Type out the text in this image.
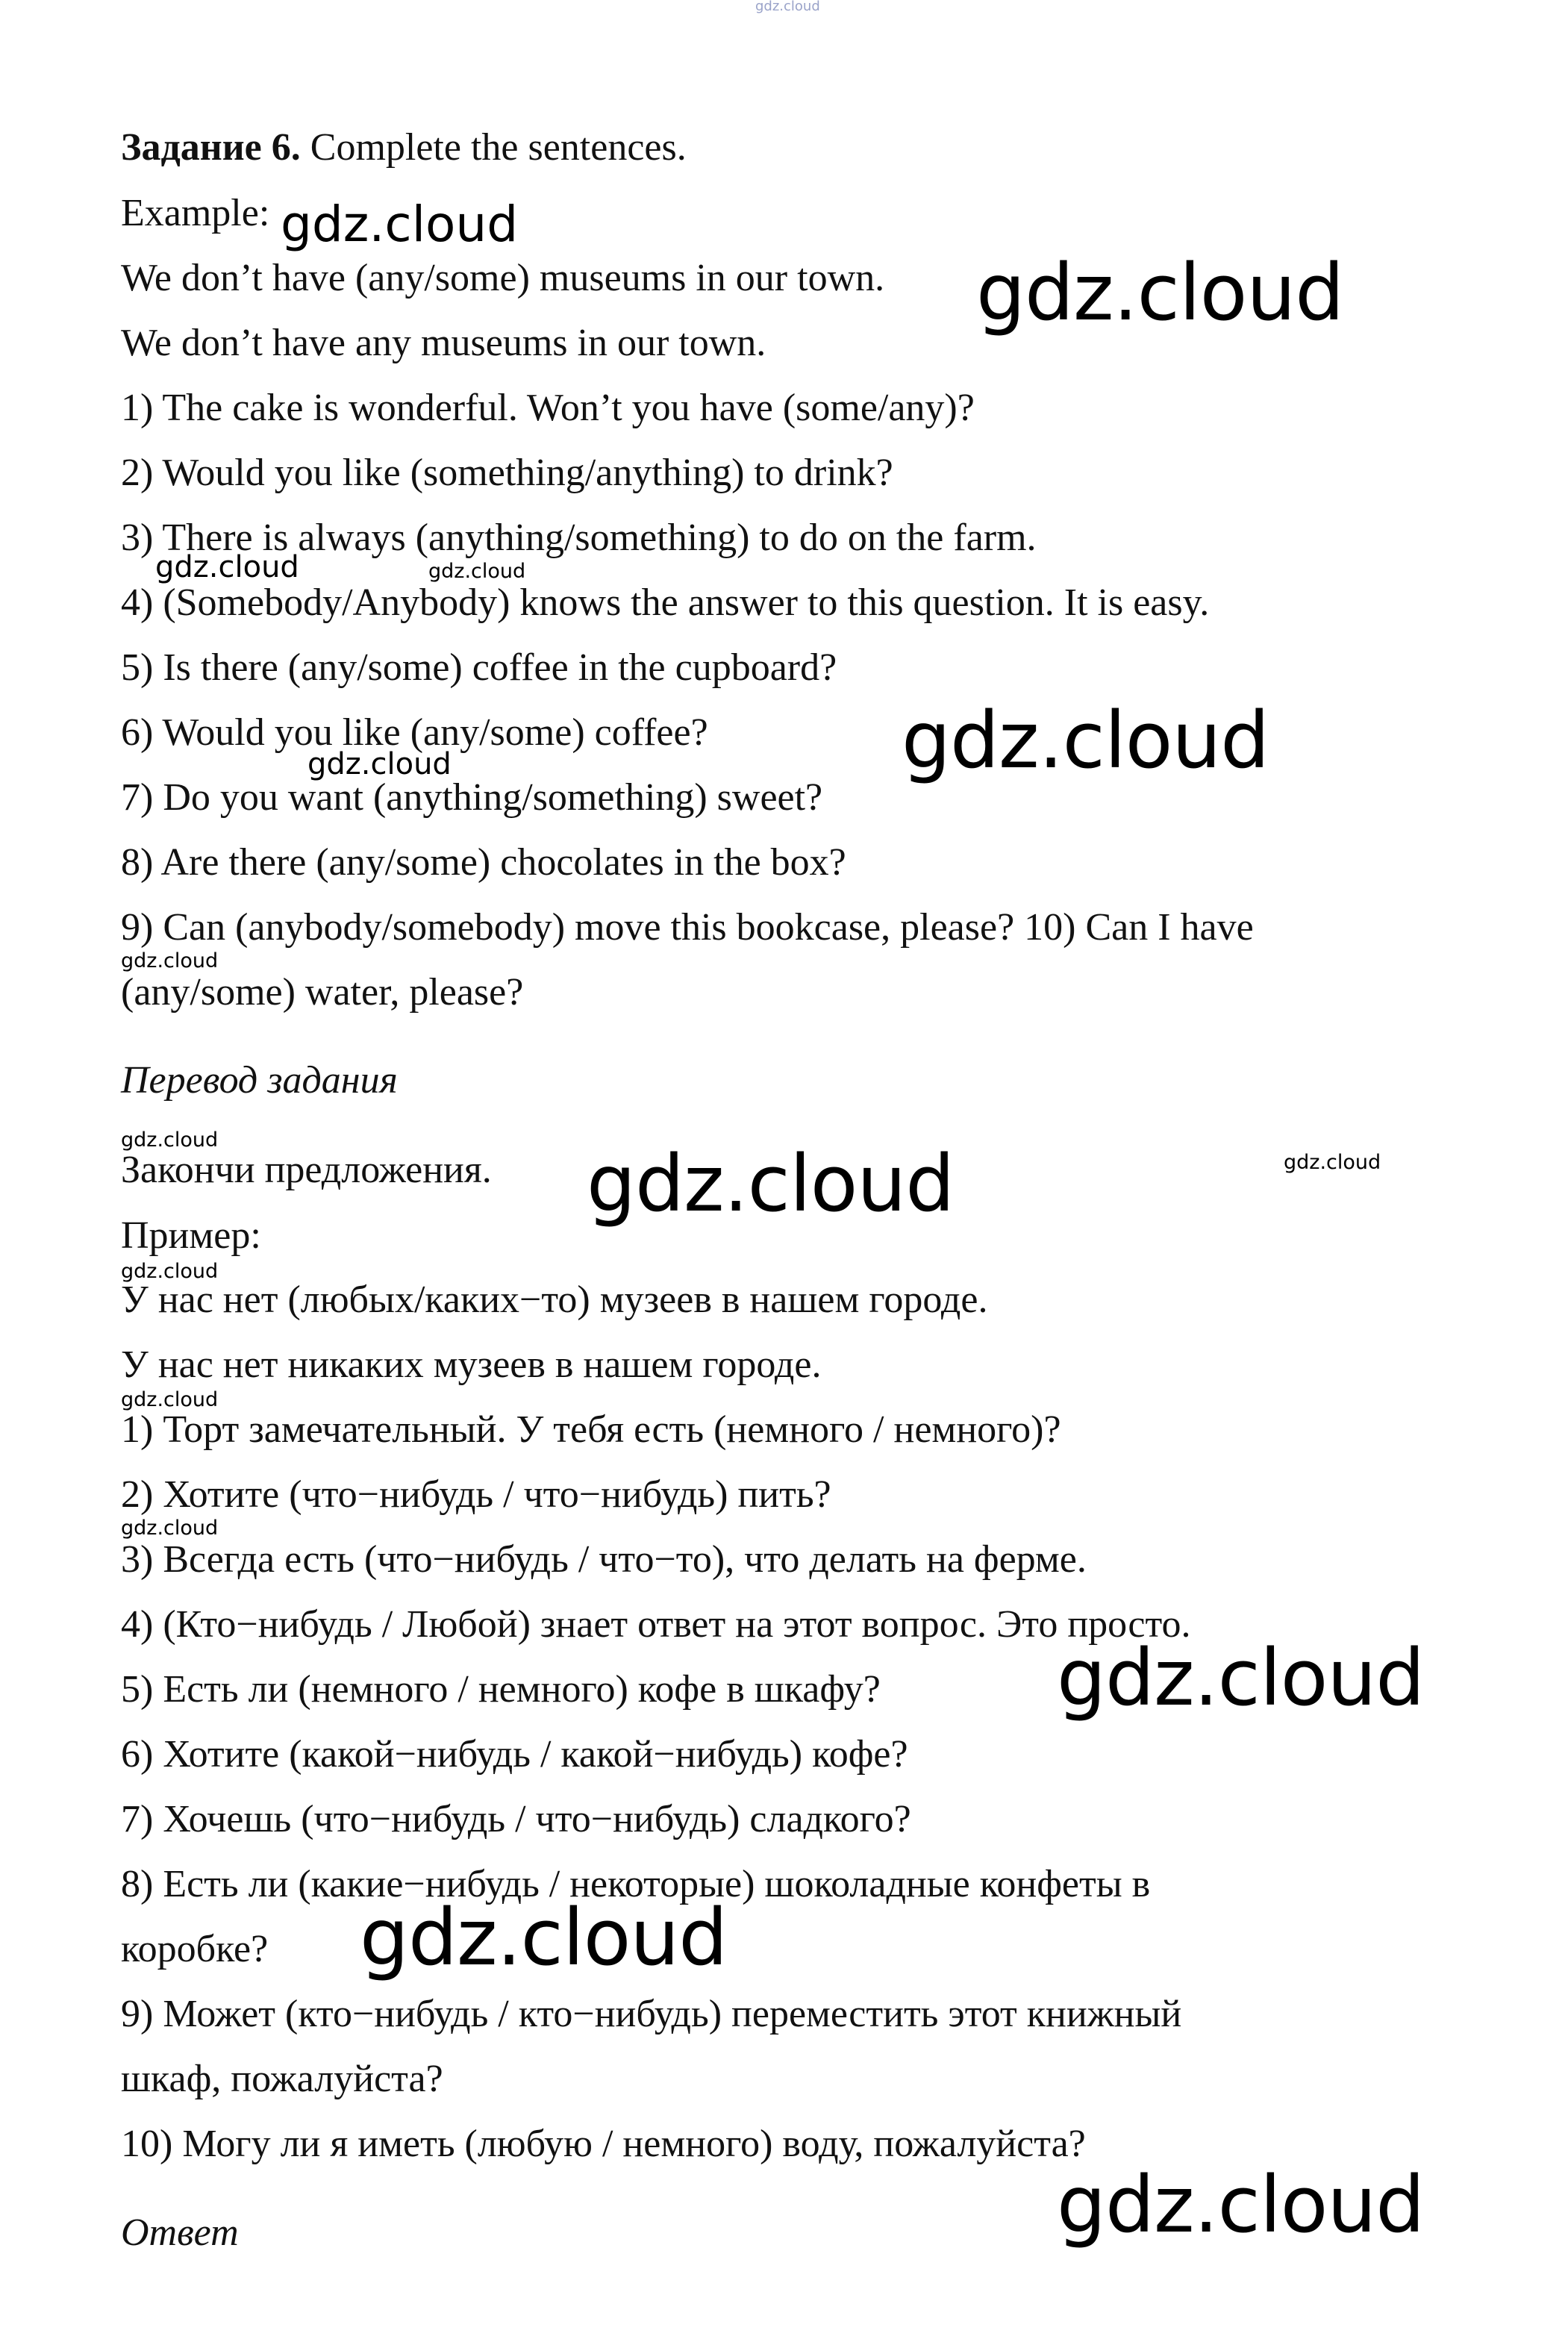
gdz.cloud
gdz.cloud
gdz.cloud
gdz.cloud	gdz.cloud
gdz.cloud
gdz.cloud
gdz.cloud
gdz.cloud	gdz.cloud	gdz.cloud
gdz.cloud
gdz.cloud
gdz.cloud
gdz.cloud
gdz.cloud
gdz.cloud

Задание 6. Complete the sentences.

Example:

We don’t have (any/some) museums in our town.

We don’t have any museums in our town.

1) The cake is wonderful. Won’t you have (some/any)?

2) Would you like (something/anything) to drink?

3) There is always (anything/something) to do on the farm.

4) (Somebody/Anybody) knows the answer to this question. It is easy.

5) Is there (any/some) coffee in the cupboard?

6) Would you like (any/some) coffee?

7) Do you want (anything/something) sweet?

8) Are there (any/some) chocolates in the box?

9) Can (anybody/somebody) move this bookcase, please? 10) Can I have

(any/some) water, please?

Перевод задания

Закончи предложения.

Пример:

У нас нет (любых/каких−то) музеев в нашем городе.

У нас нет никаких музеев в нашем городе.

1) Торт замечательный. У тебя есть (немного / немного)?

2) Хотите (что−нибудь / что−нибудь) пить?

3) Всегда есть (что−нибудь / что−то), что делать на ферме.

4) (Кто−нибудь / Любой) знает ответ на этот вопрос. Это просто.

5) Есть ли (немного / немного) кофе в шкафу?

6) Хотите (какой−нибудь / какой−нибудь) кофе?

7) Хочешь (что−нибудь / что−нибудь) сладкого?

8) Есть ли (какие−нибудь / некоторые) шоколадные конфеты в

коробке?

9) Может (кто−нибудь / кто−нибудь) переместить этот книжный

шкаф, пожалуйста?

10) Могу ли я иметь (любую / немного) воду, пожалуйста?

Ответ
